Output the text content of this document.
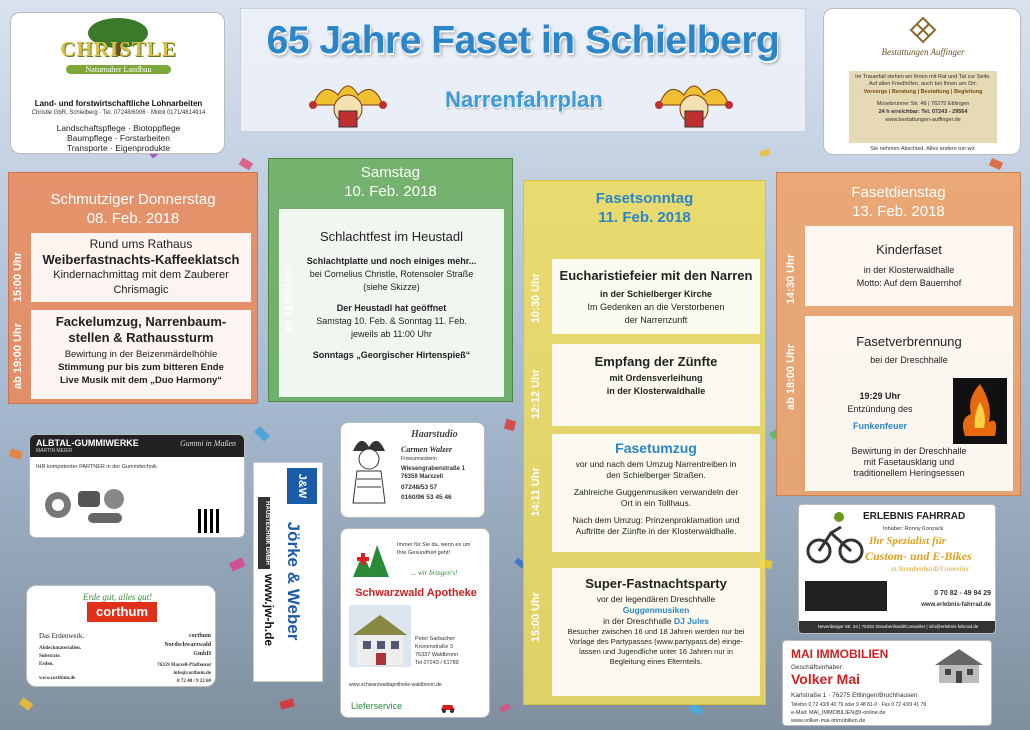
CHRISTLE
Naturnaher Landbau
Land- und forstwirtschaftliche Lohnarbeiten
Christle GbR, Schielberg · Tel. 07248/6006 · Mobil 0171/4814914
Landschaftspflege · Biotoppflege
Baumpflege · Forstarbeiten
Transporte · Eigenprodukte
65 Jahre Faset in Schielberg
Narrenfahrplan
Bestattungen Auffinger
Im Trauerfall stehen wir Ihnen mit Rat und Tat zur Seite. Auf allen Friedhöfen, auch bei Ihnen am Ort.
Vorsorge | Beratung | Bestattung | Begleitung
Mosebrunner Str. 46 | 76275 Ettlingen
24 h erreichbar: Tel. 07243 - 29564
www.bestattungen-auffinger.de
Sie nehmen Abschied. Alles andere tun wir.
Schmutziger Donnerstag
08. Feb. 2018
15:00 Uhr
Rund ums Rathaus
Weiberfastnachts-Kaffeeklatsch
Kindernachmittag mit dem Zauberer
Chrismagic
ab 19:00 Uhr
Fackelumzug, Narrenbaum-
stellen & Rathaussturm
Bewirtung in der Beizenmärdelhöhle
Stimmung pur bis zum bitteren Ende
Live Musik mit dem „Duo Harmony“
Samstag
10. Feb. 2018
Schlachtfest im Heustadl
Schlachtplatte und noch einiges mehr...
bei Cornelius Christle, Rotensoler Straße
(siehe Skizze)
Der Heustadl hat geöffnet
Samstag 10. Feb. & Sonntag 11. Feb.
jeweils ab 11:00 Uhr
Sonntags „Georgischer Hirtenspieß“
Fasetsonntag
11. Feb. 2018
10:30 Uhr	Eucharistiefeier mit den Narren
in der Schielberger Kirche
Im Gedenken an die Verstorbenen
der Narrenzunft
12:12 Uhr
Empfang der Zünfte
mit Ordensverleihung
in der Klosterwaldhalle
14:11 Uhr
Fasetumzug
vor und nach dem Umzug Narrentreiben in
den Schielberger Straßen.
Zahlreiche Guggenmusiken verwandeln der
Ort in ein Tollhaus.
Nach dem Umzug: Prinzenproklamation und
Auftritte der Zünfte in der Klosterwaldhalle.
15:00 Uhr
Super-Fastnachtsparty
vor der legendären Dreschhalle
Guggenmusiken
in der Dreschhalle DJ Jules
Besucher zwischen 16 und 18 Jahren werden nur bei
Vorlage des Partypasses (www.partypass.de) einge-
lassen und Jugendliche unter 16 Jahren nur in
Begleitung eines Elternteils.
Fasetdienstag
13. Feb. 2018
14:30 Uhr
Kinderfaset
in der Klosterwaldhalle
Motto: Auf dem Bauernhof
ab 18:00 Uhr
Fasetverbrennung
bei der Dreschhalle
19:29 Uhr
Entzündung des
Funkenfeuer
Bewirtung in der Dreschhalle
mit Fasetausklang und
traditionellem Heringsessen
ALBTAL-GUMMIWERKE
MARTIN MEIER
Gummi in Maßen
IHR kompetenter PARTNER in der Gummitechnik
Haarstudio
Carmen Walzer
Friseurmeisterin
Wiesengrabenstraße 1
76359 Marxzell
07248/53 57
0160/96 53 45 46
J&W
HAUSTECHNIK GMBH
www.jw-h.de Jörke & Weber	Immer für Sie da, wenn es um
Ihre Gesundheit geht!
... wir bringen's!
Schwarzwald Apotheke
Peter Sarbacher
Kronenstraße 3
76337 Waldbronn
Tel 07243 / 61789
www.schwarzwaldapotheke-waldbronn.de
Lieferservice
Erde gut, alles gut!
corthum
Das Erdenwerk.
Abdeckmaterialien.
Substrate.
Erden.
www.corthum.de
corthum
Nordschwarzwald
GmbH
76359 Marzell-Pfaffenrot
info@corthum.de
0 72 48 / 9 22 60
ERLEBNIS FAHRRAD
Inhaber: Ronny Konzack
Ihr Spezialist für
Custom- und E-Bikes
in Straubenhardt/Conweiler
0 70 82 - 49 94 29
www.erlebnis-fahrrad.de
Nevenbürger Str. 34 | 75334 Straubenhardt/Conweiler | info@erlebnis-fahrrad.de
MAI IMMOBILIEN
Geschäftsinhaber:
Volker Mai
Karlstraße 1 · 76275 Ettlingen/Bruchhausen
Telefon 0 72 43/9 40 79 oder 9 48 81-0 · Fax 0 72 43/9 41 78
e-Mail: MAI_IMMOBILIEN@t-online.de
www.volker-mai-immobilien.de
